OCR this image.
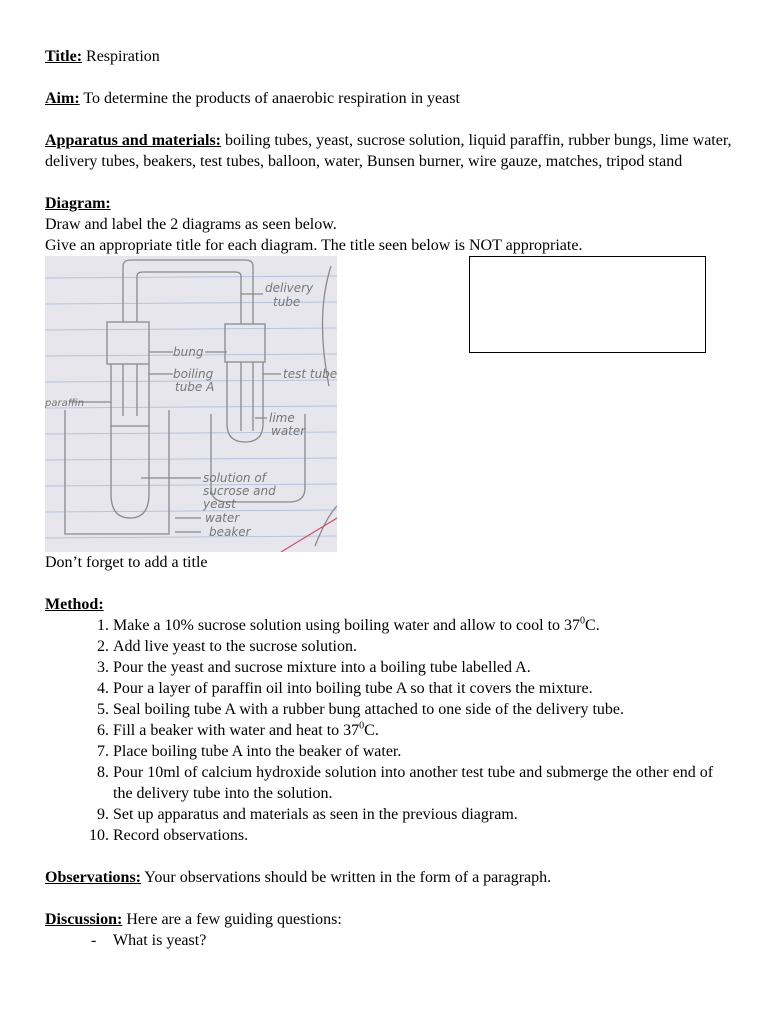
Title: Respiration

Aim: To determine the products of anaerobic respiration in yeast

Apparatus and materials: boiling tubes, yeast, sucrose solution, liquid paraffin, rubber bungs, lime water, delivery tubes, beakers, test tubes, balloon, water, Bunsen burner, wire gauze, matches, tripod stand

Diagram:

Draw and label the 2 diagrams as seen below.

Give an appropriate title for each diagram. The title seen below is NOT appropriate.

delivery
tube
bung
boiling
tube A
test tube
lime
water
paraffin
solution of
sucrose and
yeast
water
beaker

Don’t forget to add a title

Method:

1. Make a 10% sucrose solution using boiling water and allow to cool to $37^0C$.
2. Add live yeast to the sucrose solution.
3. Pour the yeast and sucrose mixture into a boiling tube labelled A.
4. Pour a layer of paraffin oil into boiling tube A so that it covers the mixture.
5. Seal boiling tube A with a rubber bung attached to one side of the delivery tube.
6. Fill a beaker with water and heat to $37^0C$.
7. Place boiling tube A into the beaker of water.
8. Pour 10ml of calcium hydroxide solution into another test tube and submerge the other end of the delivery tube into the solution.
9. Set up apparatus and materials as seen in the previous diagram.
10. Record observations.

Observations: Your observations should be written in the form of a paragraph.

Discussion: Here are a few guiding questions:

- What is yeast?
